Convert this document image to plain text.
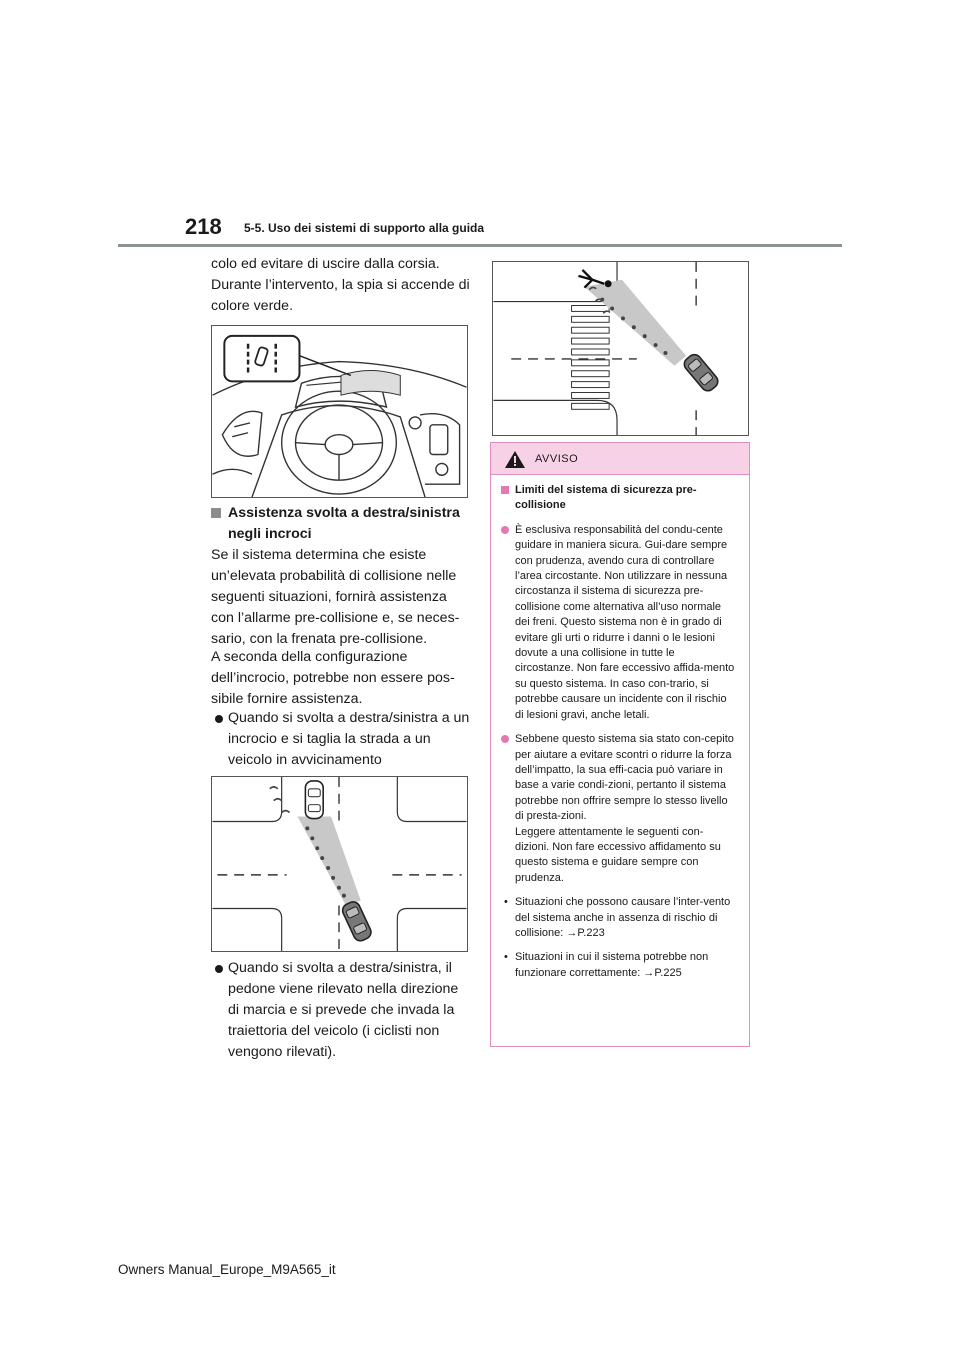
218 5-5. Uso dei sistemi di supporto alla guida
colo ed evitare di uscire dalla corsia. Durante l’intervento, la spia si accende di colore verde.
Assistenza svolta a destra/sinistra negli incroci
Se il sistema determina che esiste un’elevata probabilità di collisione nelle seguenti situazioni, fornirà assistenza con l’allarme pre-collisione e, se neces-sario, con la frenata pre-collisione.
A seconda della configurazione dell’incrocio, potrebbe non essere pos-sibile fornire assistenza.
Quando si svolta a destra/sinistra a un incrocio e si taglia la strada a un veicolo in avvicinamento
Quando si svolta a destra/sinistra, il pedone viene rilevato nella direzione di marcia e si prevede che invada la traiettoria del veicolo (i ciclisti non vengono rilevati).
AVVISO
Limiti del sistema di sicurezza pre-collisione
È esclusiva responsabilità del condu-cente guidare in maniera sicura. Gui-dare sempre con prudenza, avendo cura di controllare l’area circostante. Non utilizzare in nessuna circostanza il sistema di sicurezza pre-collisione come alternativa all’uso normale dei freni. Questo sistema non è in grado di evitare gli urti o ridurre i danni o le lesioni dovute a una collisione in tutte le circostanze. Non fare eccessivo affida-mento su questo sistema. In caso con-trario, si potrebbe causare un incidente con il rischio di lesioni gravi, anche letali.
Sebbene questo sistema sia stato con-cepito per aiutare a evitare scontri o ridurre la forza dell’impatto, la sua effi-cacia può variare in base a varie condi-zioni, pertanto il sistema potrebbe non offrire sempre lo stesso livello di presta-zioni.
Leggere attentamente le seguenti con-dizioni. Non fare eccessivo affidamento su questo sistema e guidare sempre con prudenza.
• Situazioni che possono causare l’inter-vento del sistema anche in assenza di rischio di collisione: →P.223
• Situazioni in cui il sistema potrebbe non funzionare correttamente: →P.225
Owners Manual_Europe_M9A565_it
